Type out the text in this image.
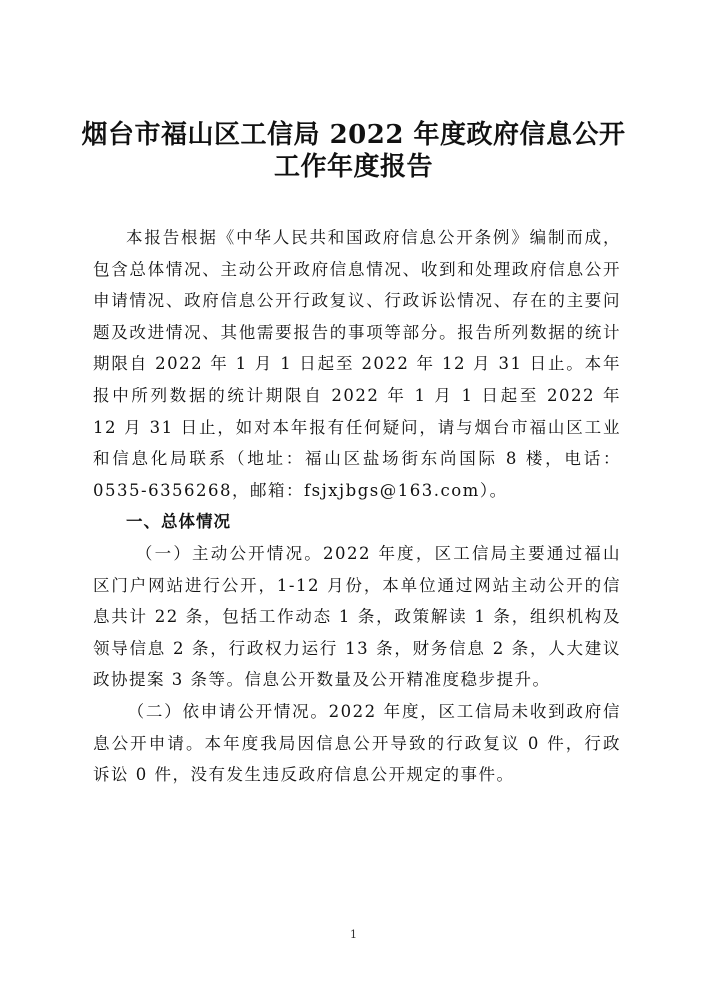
烟台市福山区工信局 2022 年度政府信息公开
工作年度报告

本报告根据《中华人民共和国政府信息公开条例》编制而成，包含总体情况、主动公开政府信息情况、收到和处理政府信息公开申请情况、政府信息公开行政复议、行政诉讼情况、存在的主要问题及改进情况、其他需要报告的事项等部分。报告所列数据的统计期限自 2022 年 1 月 1 日起至 2022 年 12 月 31 日止。本年报中所列数据的统计期限自 2022 年 1 月 1 日起至 2022 年 12 月 31 日止，如对本年报有任何疑问，请与烟台市福山区工业和信息化局联系（地址：福山区盐场街东尚国际 8 楼，电话：0535-6356268，邮箱：fsjxjbgs@163.com）。

一、总体情况

（一）主动公开情况。2022 年度，区工信局主要通过福山区门户网站进行公开，1-12 月份，本单位通过网站主动公开的信息共计 22 条，包括工作动态 1 条，政策解读 1 条，组织机构及领导信息 2 条，行政权力运行 13 条，财务信息 2 条，人大建议政协提案 3 条等。信息公开数量及公开精准度稳步提升。

（二）依申请公开情况。2022 年度，区工信局未收到政府信息公开申请。本年度我局因信息公开导致的行政复议 0 件，行政诉讼 0 件，没有发生违反政府信息公开规定的事件。

1
